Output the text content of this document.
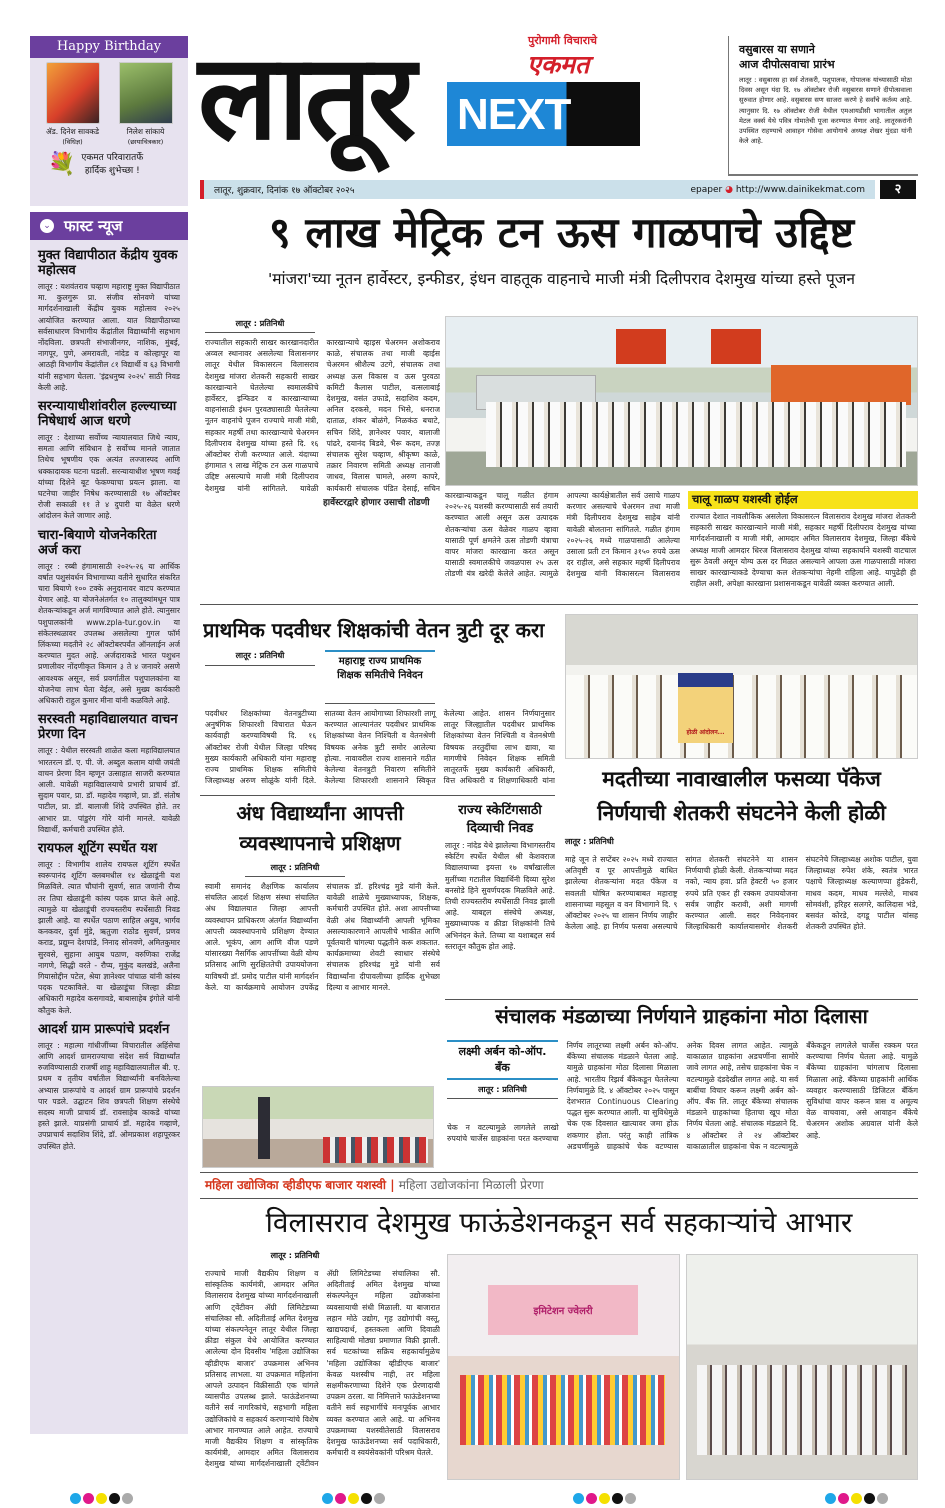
Happy Birthday
ॲड. दिनेश सावकडे
(विधिज्ञ)
निलेश सांकाये
(छायाचित्रकार)
💐 एकमत परिवारातर्फे
हार्दिक शुभेच्छा !
⌄ फास्ट न्यूज
मुक्त विद्यापीठात केंद्रीय युवक महोत्सव
लातूर : यशवंतराव चव्हाण महाराष्ट्र मुक्त विद्यापीठात मा. कुलगुरू प्रा. संजीव सोनवणे यांच्या मार्गदर्शनाखाली केंद्रीय युवक महोत्सव २०२५ आयोजित करण्यात आला. यात विद्यापीठाच्या सर्वसाधारण विभागीय केंद्रांतील विद्यार्थ्यांनी सहभाग नोंदविला. छत्रपती संभाजीनगर, नाशिक, मुंबई, नागपूर, पुणे, अमरावती, नांदेड व कोल्हापूर या आठही विभागीय केंद्रांतील ८१ विद्यार्थी व ६३ विभागी यांनी सहभाग घेतला. 'इंद्रधनुष्य २०२५' साठी निवड केली आहे.
सरन्यायाधीशांवरील हल्ल्याच्या निषेधार्थ आज धरणे
लातूर : देशाच्या सर्वोच्च न्यायालयात जिथे न्याय, समता आणि संविधान हे सर्वोच्च मानले जातात तिथेच भूषणीय एक अत्यंत लज्जास्पद आणि धक्कादायक घटना घडली. सरन्यायाधीश भूषण गवई यांच्या दिशेने बूट फेकण्याचा प्रयत्न झाला. या घटनेचा जाहीर निषेध करण्यासाठी १७ ऑक्टोबर रोजी सकाळी ११ ते ४ दुपारी या वेळेत धरणे आंदोलन केले जाणार आहे.
चारा-बियाणे योजनेकरिता अर्ज करा
लातूर : रब्बी हंगामासाठी २०२५-२६ या आर्थिक वर्षात पशुसंवर्धन विभागाच्या वतीने सुधारित संकरित चारा बियाणे १०० टक्के अनुदानावर वाटप करण्यात येणार आहे. या योजनेअंतर्गत १० तालुक्यांमधून पात्र शेतकऱ्यांकडून अर्ज मागविण्यात आले होते. त्यानुसार पशुपालकांनी www.zpla-tur.gov.in या संकेतस्थळावर उपलब्ध असलेल्या गुगल फॉर्म लिंकच्या मदतीने २८ ऑक्टोबरपर्यंत ऑनलाईन अर्ज करण्यात मुदत आहे. अर्जदाराकडे भारत पशुधन प्रणालीवर नोंदणीकृत किमान ३ ते ४ जनावरे असणे आवश्यक असून, सर्व प्रवर्गातील पशुपालकांना या योजनेचा लाभ घेता येईल, असे मुख्य कार्यकारी अधिकारी राहुल कुमार मीना यांनी कळविले आहे.
सरस्वती महाविद्यालयात वाचन प्रेरणा दिन
लातूर : येथील सरस्वती शाळेत कला महाविद्यालयात भारतरत्न डॉ. ए. पी. जे. अब्दुल कलाम यांची जयंती वाचन प्रेरणा दिन म्हणून उत्साहात साजरी करण्यात आली. यावेळी महाविद्यालयाचे प्रभारी प्राचार्य डॉ. सुदाम पवार, प्रा. डॉ. महादेव गव्हाणे, प्रा. डॉ. संतोष पाटील, प्रा. डॉ. बालाजी शिंदे उपस्थित होते. तर आभार प्रा. पांडुरंग गोरे यांनी मानले. यावेळी विद्यार्थी, कर्मचारी उपस्थित होते.
रायफल शूटिंग स्पर्धेत यश
लातूर : विभागीय शालेय रायफल शूटिंग स्पर्धेत स्वरूपानंद शूटिंग क्लबमधील १४ खेळाडूंनी यश मिळविले. त्यात चौघांनी सुवर्ण, सात जणांनी रौप्य तर तिघा खेळाडूंनी कांस्य पदक प्राप्त केले आहे. त्यामुळे या खेळाडूंची राज्यस्तरीय स्पर्धेसाठी निवड झाली आहे. या स्पर्धेत पठाण साहिल अयुब, भार्गव कनकवर, दुर्वा मुंडे, ऋतुजा राठोड सुवर्ण, प्रणव कराड, प्रद्युम्न देशपांडे, निनाद सोनवणे, अमितकुमार सुरवसे, सुहाना आयुब पठाण, वरुणिका राजेंद्र नागणे, सिद्धी वरते - रौप्य, मुकुंद बलखंडे, अलैना गियासोद्दीन पटेल, श्रेया ज्ञानेश्वर पांचाळ यांनी कांस्य पदक पटकाविले. या खेळाडूंचा जिल्हा क्रीडा अधिकारी महादेव कसगावडे, बाबासाहेब इंगोले यांनी कौतुक केले.
आदर्श ग्राम प्रारूपांचे प्रदर्शन
लातूर : महात्मा गांधीजींच्या विचारातील अहिंसेचा आणि आदर्श ग्रामराज्याचा संदेश सर्व विद्यार्थ्यांत रुजविण्यासाठी राजर्षी शाहू महाविद्यालयातील बी. ए. प्रथम व तृतीय वर्षातील विद्यार्थ्यांनी बनविलेल्या अभ्यास प्रारूपांचे व आदर्श ग्राम प्रारूपांचे प्रदर्शन पार पडले. उद्घाटन शिव छत्रपती शिक्षण संस्थेचे सदस्य माजी प्राचार्य डॉ. रावसाहेब काकडे यांच्या हस्ते झाले. याप्रसंगी प्राचार्य डॉ. महादेव गव्हाणे, उपप्राचार्य सदाशिव शिंदे, डॉ. ओमप्रकाश शहापूरकर उपस्थित होते.
लातूर	पुरोगामी विचाराचे
एकमत
NEXT
वसुबारस या सणाने
आज दीपोत्सवाचा प्रारंभ
लातूर : वसुबारस हा सर्व शेतकरी, पशुपालक, गोपालक यांच्यासाठी मोठा दिवस असून यंदा दि. १७ ऑक्टोबर रोजी वसुबारस सणाने दीपोत्सवाला सुरुवात होणार आहे. वसुबारस सण साजरा करणे हे सर्वांचे कर्तव्य आहे. त्यानुसार दि. १७ ऑक्टोबर रोजी येथील एमआयडीसी भागातील अतुल मेटल वर्क्स येथे पवित्र गोमातेची पूजा करण्यात येणार आहे. लातूरकरांनी उपस्थित राहण्याचे आवाहन गोसेवा आयोगाचे अध्यक्ष शेखर मुंदडा यांनी केले आहे.
लातूर, शुक्रवार, दिनांक १७ ऑक्टोबर २०२५	epaper ◕ http://www.dainikekmat.com	२
९ लाख मेट्रिक टन ऊस गाळपाचे उद्दिष्ट
'मांजरा'च्या नूतन हार्वेस्टर, इन्फीडर, इंधन वाहतूक वाहनाचे माजी मंत्री दिलीपराव देशमुख यांच्या हस्ते पूजन
लातूर : प्रतिनिधी
राज्यातील सहकारी साखर कारखानदारीत अव्वल स्थानावर असलेल्या विलासनगर लातूर येथील विकासरत्न विलासराव देशमुख मांजरा शेतकरी सहकारी साखर कारखान्याने घेतलेल्या स्वमालकीचे हार्वेस्टर, इन्फिडर व कारखान्याच्या वाहनांसाठी इंधन पुरवठ्यासाठी घेतलेल्या नूतन वाहनांचे पूजन राज्याचे माजी मंत्री, सहकार महर्षी तथा कारखान्याचे चेअरमन दिलीपराव देशमुख यांच्या हस्ते दि. १६ ऑक्टोबर रोजी करण्यात आले. यंदाच्या हंगामात ९ लाख मेट्रिक टन ऊस गाळपाचे उद्दिष्ट असल्याचे माजी मंत्री दिलीपराव देशमुख यांनी सांगितले. यावेळी कारखान्याचे व्हाइस चेअरमन अशोकराव काळे, संचालक तथा माजी व्हाईस चेअरमन श्रीशैल्य उटगे, संचालक तथा अध्यक्ष ऊस विकास व ऊस पुरवठा कमिटी कैलास पाटील, वत्सलाबाई देशमुख, वसंत उफाडे, सदाशिव कदम, अनिल दरकसे, मदन भिसे, धनराज दाताळ, शंकर बोळंगे, निळकंठ बचाटे, सचिन शिंदे, ज्ञानेश्वर पवार, बालाजी पांढरे, दयानंद बिडवे, भैरू कदम, तज्ज्ञ संचालक सुरेश चव्हाण, श्रीकृष्ण काळे, तक्रार निवारण समिती अध्यक्ष तानाजी जाधव, विलास चामले, अरुण कापरे, कार्यकारी संचालक पंडित देसाई, सचिन
हार्वेस्टरद्वारे होणार उसाची तोडणी
कारखान्याकडून चालू गळीत हंगाम २०२५-२६ यशस्वी करण्यासाठी सर्व तयारी करण्यात आली असून ऊस उत्पादक शेतकऱ्यांचा ऊस वेळेवर गाळप व्हावा यासाठी पूर्ण क्षमतेने ऊस तोडणी यंत्राचा वापर मांजरा कारखाना करत असून यासाठी स्वमालकीचे जवळपास २५ ऊस तोडणी यंत्र खरेदी केलेले आहेत. त्यामुळे आपल्या कार्यक्षेत्रातील सर्व उसाचे गाळप करणार असल्याचे चेअरमन तथा माजी मंत्री दिलीपराव देशमुख साहेब यांनी यावेळी बोलताना सांगितले. गळीत हंगाम २०२५-२६ मध्ये गाळपासाठी आलेल्या उसाला प्रती टन किमान ३१५० रुपये ऊस दर राहील, असे सहकार महर्षी दिलीपराव देशमुख यांनी विकासरत्न विलासराव
चालू गाळप यशस्वी होईल
राज्यात देशात नावलौकिक असलेला विकासरत्न विलासराव देशमुख मांजरा शेतकरी सहकारी साखर कारखान्याने माजी मंत्री, सहकार महर्षी दिलीपराव देशमुख यांच्या मार्गदर्शनाखाली व माजी मंत्री, आमदार अमित विलासराव देशमुख, जिल्हा बँकेचे अध्यक्ष माजी आमदार धिरज विलासराव देशमुख यांच्या सहकार्याने यशस्वी वाटचाल सुरू ठेवली असून योग्य ऊस दर मिळत असल्याने आपला ऊस गाळपासाठी मांजरा साखर कारखान्याकडे देण्याचा कल शेतकऱ्यांचा नेहमी राहिला आहे. यापुढेही ही राहील अशी, अपेक्षा कारखाना प्रशासनाकडून यावेळी व्यक्त करण्यात आली.
प्राथमिक पदवीधर शिक्षकांची वेतन त्रुटी दूर करा
लातूर : प्रतिनिधी
महाराष्ट्र राज्य प्राथमिक शिक्षक समितीचे निवेदन
पदवीधर शिक्षकांच्या वेतनत्रुटीच्या अनुषंगिक शिफारशी विचारात घेऊन कार्यवाही करण्याविषयी दि. १६ ऑक्टोबर रोजी येथील जिल्हा परिषद मुख्य कार्यकारी अधिकारी यांना महाराष्ट्र राज्य प्राथमिक शिक्षक समितीचे जिल्हाध्यक्ष अरुण सोळुंके यांनी दिले. सातव्या वेतन आयोगाच्या शिफारशी लागू करण्यात आल्यानंतर पदवीधर प्राथमिक शिक्षकांच्या वेतन निश्चिती व वेतनश्रेणी विषयक अनेक त्रुटी समोर आलेल्या होत्या. नावावरील राज्य शासनाने गठीत केलेल्या वेतनत्रुटी निवारण समितीने केलेल्या शिफारशी शासनाने स्विकृत केलेल्या आहेत. शासन निर्णयानुसार लातूर जिल्ह्यातील पदवीधर प्राथमिक शिक्षकांच्या वेतन निश्चिती व वेतनश्रेणी विषयक तरतुदींचा लाभ द्यावा, या मागणीचे निवेदन शिक्षक समिती लातूरतर्फे मुख्य कार्यकारी अधिकारी, वित्त अधिकारी व शिक्षणाधिकारी यांना
होळी आंदोलन...
मदतीच्या नावाखालील फसव्या पॅकेज
निर्णयाची शेतकरी संघटनेने केली होळी
लातूर : प्रतिनिधी
माहे जून ते सप्टेंबर २०२५ मध्ये राज्यात अतिवृष्टी व पूर आपत्तीमुळे बाधित झालेल्या शेतकऱ्यांना मदत पॅकेज व सवलती घोषित करण्याबाबत महाराष्ट्र शासनाच्या महसूल व वन विभागाने दि. ९ ऑक्टोबर २०२५ चा शासन निर्णय जाहीर केलेला आहे. हा निर्णय फसवा असल्याचे सांगत शेतकरी संघटनेने या शासन निर्णयाची होळी केली. शेतकऱ्यांच्या मदत नको, न्याय हवा. प्रति हेक्टरी ५० हजार रुपये प्रति एकर ही रक्कम उपाययोजना सर्वत्र जाहीर करावी, अशी मागणी करण्यात आली. सदर निवेदनावर जिल्हाधिकारी कार्यालयासमोर शेतकरी संघटनेचे जिल्हाध्यक्ष अशोक पाटील, युवा जिल्हाध्यक्ष रुपेश शंके, स्वतंत्र भारत पक्षाचे जिल्हाध्यक्ष कल्याणप्पा हुंडेकरी, माधव कदम, माधव मल्लेशे, माधव सोमवंशी, हरिहर सलगरे, कालिदास भंडे, बसवंत कोरडे, दगडू पाटील यांसह शेतकरी उपस्थित होते.
अंध विद्यार्थ्यांना आपत्ती
व्यवस्थापनाचे प्रशिक्षण
लातूर : प्रतिनिधी
स्वामी समानंद शैक्षणिक कार्यालय संचलित आदर्श शिक्षण संस्था संचालित अंध विद्यालयात जिल्हा आपत्ती व्यवस्थापन प्राधिकरण अंतर्गत विद्यार्थ्यांना आपत्ती व्यवस्थापनाचे प्रशिक्षण देण्यात आले. भूकंप, आग आणि वीज पडणे यांसारख्या नैसर्गिक आपत्तींच्या वेळी योग्य प्रतिसाद आणि सुरक्षिततेची उपाययोजना याविषयी डॉ. प्रमोद पाटील यांनी मार्गदर्शन केले. या कार्यक्रमाचे आयोजन उपकेंद्र संचालक डॉ. हरिश्चंद्र मुडे यांनी केले. यावेळी शाळेचे मुख्याध्यापक, शिक्षक, कर्मचारी उपस्थित होते. अशा आपत्तीच्या वेळी अंध विद्यार्थ्यांनी आपली भूमिका असल्याकारणाने आपलीचे भाकीत आणि पूर्वतयारी चांगल्या पद्धतीने करू शकतात. कार्यक्रमाच्या शेवटी स्वाधार संस्थेचे संचालक हरिश्चंद्र मुडे यांनी सर्व विद्यार्थ्यांना दीपावलीच्या हार्दिक शुभेच्छा दिल्या व आभार मानले.
राज्य स्केटिंगसाठी
दिव्याची निवड
लातूर : नांदेड येथे झालेल्या विभागस्तरीय स्केटिंग स्पर्धेत येथील श्री केशवराज विद्यालयाच्या इयत्ता १७ वर्षांखालील मुलींच्या गटातील विद्यार्थिनी दिव्या सुरेश बनसोडे हिने सुवर्णपदक मिळविले आहे. तिची राज्यस्तरीय स्पर्धेसाठी निवड झाली आहे. याबद्दल संस्थेचे अध्यक्ष, मुख्याध्यापक व क्रीडा शिक्षकांनी तिचे अभिनंदन केले. तिच्या या यशाबद्दल सर्व स्तरातून कौतुक होत आहे.
संचालक मंडळाच्या निर्णयाने ग्राहकांना मोठा दिलासा
चेक न वटल्यामुळे लागलेले लाखो रुपयांचे चार्जेस ग्राहकांना परत करण्याचा निर्णय लातूरच्या लक्ष्मी अर्बन को-ऑप. बँकेच्या संचालक मंडळाने घेतला आहे. यामुळे ग्राहकांना मोठा दिलासा मिळाला आहे. भारतीय रिझर्व बँकेकडून घेतलेल्या निर्णयामुळे दि. ४ ऑक्टोबर २०२५ पासून देशभरात Continuous Clearing पद्धत सुरू करण्यात आली. या सुविधेमुळे चेक एक दिवसात खात्यावर जमा होऊ शकणार होता. परंतु काही तांत्रिक अडचणींमुळे ग्राहकांचे चेक वटण्यास अनेक दिवस लागत आहेत. त्यामुळे याकाळात ग्राहकांना अडचणींना सामोरे जावे लागत आहे, तसेच ग्राहकांना चेक न वटल्यामुळे दंडदेखील लागत आहे. या सर्व बाबींचा विचार करून लक्ष्मी अर्बन को-ऑप. बँक लि. लातूर बँकेच्या संचालक मंडळाने ग्राहकांच्या हिताचा खूप मोठा निर्णय घेतला आहे. संचालक मंडळाने दि. ४ ऑक्टोबर ते २४ ऑक्टोबर याकाळातील ग्राहकांना चेक न वटल्यामुळे बँकेकडून लागलेले चार्जेस रक्कम परत करण्याचा निर्णय घेतला आहे. यामुळे बँकेच्या ग्राहकांना चांगलाच दिलासा मिळाला आहे. बँकेच्या ग्राहकांनी आर्थिक व्यवहार करण्यासाठी डिजिटल बँकिंग सुविधांचा वापर करून त्रास व अमूल्य वेळ वाचवावा, असे आवाहन बँकेचे चेअरमन अशोक अग्रवाल यांनी केले आहे.
लक्ष्मी अर्बन को-ऑप. बँक
लातूर : प्रतिनिधी
महिला उद्योजिका व्हीडीएफ बाजार यशस्वी | महिला उद्योजकांना मिळाली प्रेरणा
विलासराव देशमुख फाऊंडेशनकडून सर्व सहकाऱ्यांचे आभार
लातूर : प्रतिनिधी
राज्याचे माजी वैद्यकीय शिक्षण व सांस्कृतिक कार्यमंत्री, आमदार अमित विलासराव देशमुख यांच्या मार्गदर्शनाखाली आणि ट्वेंटीवन ॲग्री लिमिटेडच्या संचालिका सौ. अदितीताई अमित देशमुख यांच्या संकल्पनेतून लातूर येथील जिल्हा क्रीडा संकुल येथे आयोजित करण्यात आलेल्या दोन दिवसीय 'महिला उद्योजिका व्हीडीएफ बाजार' उपक्रमास अभिनव प्रतिसाद लाभला. या उपक्रमात महिलांना आपले उत्पादन विक्रीसाठी एक चांगले व्यासपीठ उपलब्ध झाले. फाऊंडेशनच्या वतीने सर्व नागरिकांचे, सहभागी महिला उद्योजिकांचे व सहकार्य करणाऱ्यांचे विशेष आभार मानण्यात आले आहेत. राज्याचे माजी वैद्यकीय शिक्षण व सांस्कृतिक कार्यमंत्री, आमदार अमित विलासराव देशमुख यांच्या मार्गदर्शनाखाली ट्वेंटीवन ॲग्री लिमिटेडच्या संचालिका सौ. अदितीताई अमित देशमुख यांच्या संकल्पनेतून महिला उद्योजकांना व्यवसायाची संधी मिळाली. या बाजारात लहान मोठे उद्योग, गृह उद्योगांची वस्तू, खाद्यपदार्थ, हस्तकला आणि दिवाळी साहित्याची मोठ्या प्रमाणात विक्री झाली. सर्व घटकांच्या सक्रिय सहकार्यामुळेच 'महिला उद्योजिका व्हीडीएफ बाजार' केवळ यशस्वीच नाही, तर महिला सक्षमीकरणाच्या दिशेने एक प्रेरणादायी उपक्रम ठरला. या निमित्ताने फाऊंडेशनच्या वतीने सर्व सहभागींचे मनःपूर्वक आभार व्यक्त करण्यात आले आहे. या अभिनव उपक्रमाच्या यशस्वीतेसाठी विलासराव देशमुख फाऊंडेशनच्या सर्व पदाधिकारी, कर्मचारी व स्वयंसेवकांनी परिश्रम घेतले.
इमिटेशन ज्वेलरी
